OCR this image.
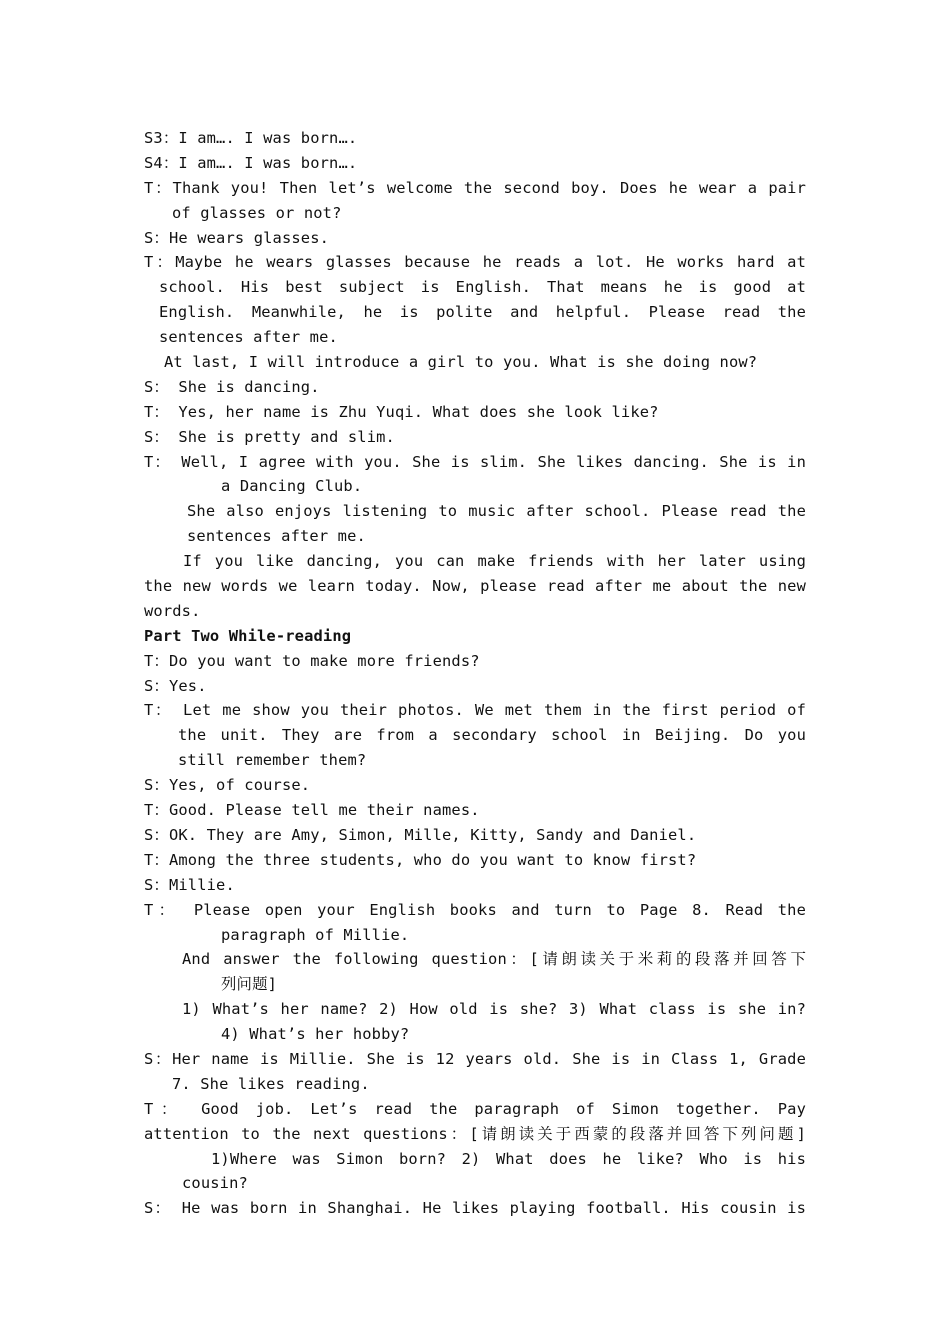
S3：I am…. I was born….
S4：I am…. I was born….
T：Thank you! Then let’s welcome the second boy. Does he wear a pair
of glasses or not?
S：He wears glasses.
T：Maybe he wears glasses because he reads a lot. He works hard at
school. His best subject is English. That means he is good at
English. Meanwhile, he is polite and helpful. Please read the
sentences after me.
At last, I will introduce a girl to you. What is she doing now?
S： She is dancing.
T： Yes, her name is Zhu Yuqi. What does she look like?
S： She is pretty and slim.
T： Well, I agree with you. She is slim. She likes dancing. She is in
a Dancing Club.
She also enjoys listening to music after school. Please read the
sentences after me.
If you like dancing, you can make friends with her later using
the new words we learn today. Now, please read after me about the new
words.
Part Two While-reading
T：Do you want to make more friends?
S：Yes.
T： Let me show you their photos. We met them in the first period of
the unit. They are from a secondary school in Beijing. Do you
still remember them?
S：Yes, of course.
T：Good. Please tell me their names.
S：OK. They are Amy, Simon, Mille, Kitty, Sandy and Daniel.
T：Among the three students, who do you want to know first?
S：Millie.
T： Please open your English books and turn to Page 8. Read the
paragraph of Millie.
And answer the following question：[请朗读关于米莉的段落并回答下
列问题]
1) What’s her name? 2) How old is she? 3) What class is she in?
4) What’s her hobby?
S：Her name is Millie. She is 12 years old. She is in Class 1, Grade
7. She likes reading.
T： Good job. Let’s read the paragraph of Simon together. Pay
attention to the next questions：[请朗读关于西蒙的段落并回答下列问题]
1)Where was Simon born? 2) What does he like? Who is his
cousin?
S： He was born in Shanghai. He likes playing football. His cousin is
